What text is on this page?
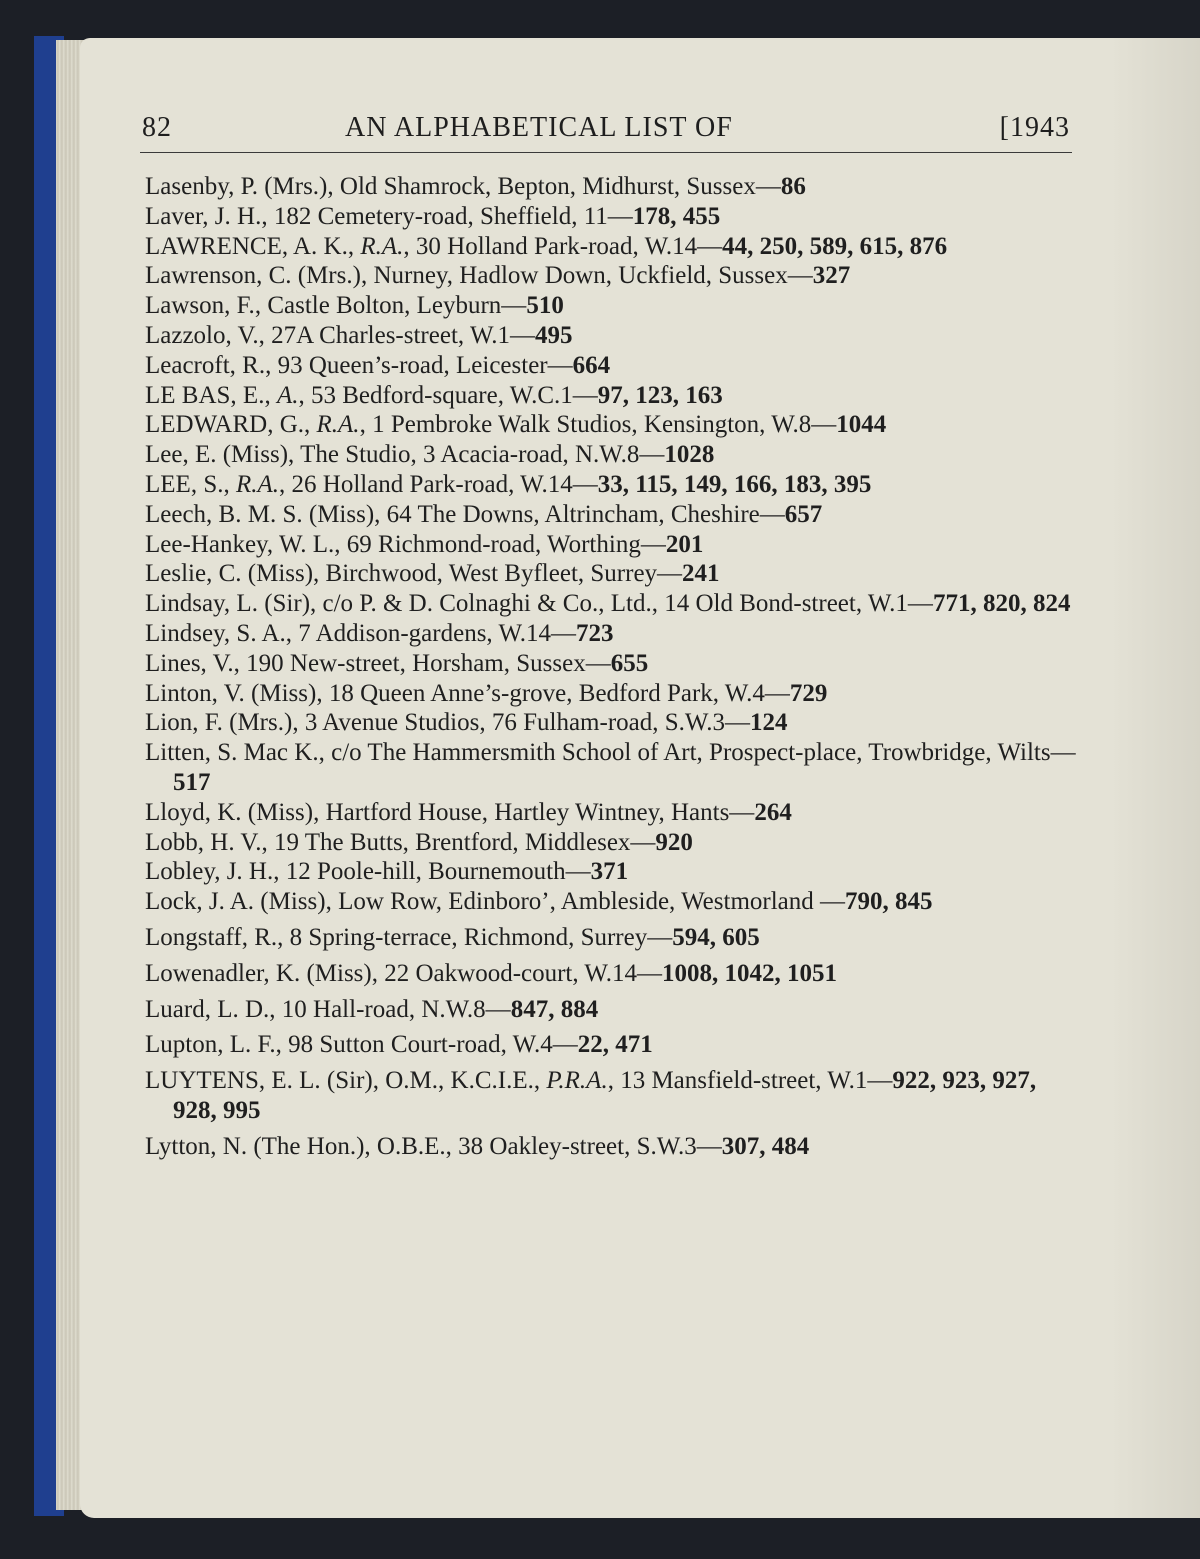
82	AN ALPHABETICAL LIST OF	[1943

Lasenby, P. (Mrs.), Old Shamrock, Bepton, Midhurst, Sussex—86

Laver, J. H., 182 Cemetery-road, Sheffield, 11—178, 455

LAWRENCE, A. K., R.A., 30 Holland Park-road, W.14—44, 250, 589, 615, 876

Lawrenson, C. (Mrs.), Nurney, Hadlow Down, Uckfield, Sussex—327

Lawson, F., Castle Bolton, Leyburn—510

Lazzolo, V., 27A Charles-street, W.1—495

Leacroft, R., 93 Queen’s-road, Leicester—664

LE BAS, E., A., 53 Bedford-square, W.C.1—97, 123, 163

LEDWARD, G., R.A., 1 Pembroke Walk Studios, Kensington, W.8—1044

Lee, E. (Miss), The Studio, 3 Acacia-road, N.W.8—1028

LEE, S., R.A., 26 Holland Park-road, W.14—33, 115, 149, 166, 183, 395

Leech, B. M. S. (Miss), 64 The Downs, Altrincham, Cheshire—657

Lee-Hankey, W. L., 69 Richmond-road, Worthing—201

Leslie, C. (Miss), Birchwood, West Byfleet, Surrey—241

Lindsay, L. (Sir), c/o P. & D. Colnaghi & Co., Ltd., 14 Old Bond-street, W.1—771, 820, 824

Lindsey, S. A., 7 Addison-gardens, W.14—723

Lines, V., 190 New-street, Horsham, Sussex—655

Linton, V. (Miss), 18 Queen Anne’s-grove, Bedford Park, W.4—729

Lion, F. (Mrs.), 3 Avenue Studios, 76 Fulham-road, S.W.3—124

Litten, S. Mac K., c/o The Hammersmith School of Art, Prospect-place, Trowbridge, Wilts—517

Lloyd, K. (Miss), Hartford House, Hartley Wintney, Hants—264

Lobb, H. V., 19 The Butts, Brentford, Middlesex—920

Lobley, J. H., 12 Poole-hill, Bournemouth—371

Lock, J. A. (Miss), Low Row, Edinboro’, Ambleside, Westmorland —790, 845

Longstaff, R., 8 Spring-terrace, Richmond, Surrey—594, 605

Lowenadler, K. (Miss), 22 Oakwood-court, W.14—1008, 1042, 1051

Luard, L. D., 10 Hall-road, N.W.8—847, 884

Lupton, L. F., 98 Sutton Court-road, W.4—22, 471

LUYTENS, E. L. (Sir), O.M., K.C.I.E., P.R.A., 13 Mansfield-street, W.1—922, 923, 927, 928, 995

Lytton, N. (The Hon.), O.B.E., 38 Oakley-street, S.W.3—307, 484
